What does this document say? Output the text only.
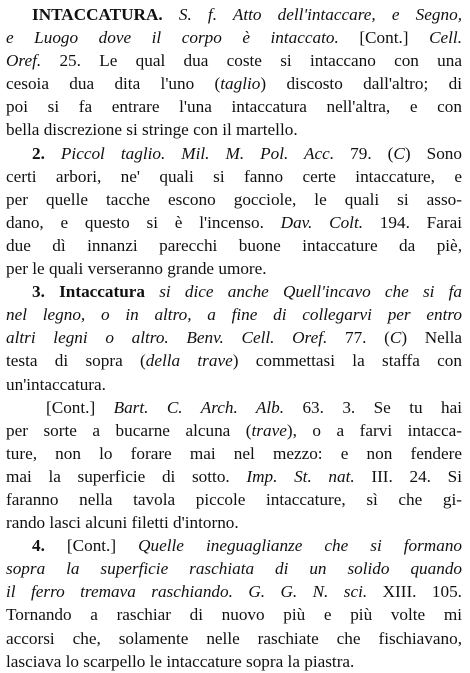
INTACCATURA. S. f. Atto dell'intaccare, e Segno,
e Luogo dove il corpo è intaccato. [Cont.] Cell.
Oref. 25. Le qual dua coste si intaccano con una
cesoia dua dita l'uno (taglio) discosto dall'altro; di
poi si fa entrare l'una intaccatura nell'altra, e con
bella discrezione si stringe con il martello.
2. Piccol taglio. Mil. M. Pol. Acc. 79. (C) Sono
certi arbori, ne' quali si fanno certe intaccature, e
per quelle tacche escono gocciole, le quali si asso-
dano, e questo si è l'incenso. Dav. Colt. 194. Farai
due dì innanzi parecchi buone intaccature da piè,
per le quali verseranno grande umore.
3. Intaccatura si dice anche Quell'incavo che si fa
nel legno, o in altro, a fine di collegarvi per entro
altri legni o altro. Benv. Cell. Oref. 77. (C) Nella
testa di sopra (della trave) commettasi la staffa con
un'intaccatura.
[Cont.] Bart. C. Arch. Alb. 63. 3. Se tu hai
per sorte a bucarne alcuna (trave), o a farvi intacca-
ture, non lo forare mai nel mezzo: e non fendere
mai la superficie di sotto. Imp. St. nat. III. 24. Si
faranno nella tavola piccole intaccature, sì che gi-
rando lasci alcuni filetti d'intorno.
4. [Cont.] Quelle ineguaglianze che si formano
sopra la superficie raschiata di un solido quando
il ferro tremava raschiando. G. G. N. sci. XIII. 105.
Tornando a raschiar di nuovo più e più volte mi
accorsi che, solamente nelle raschiate che fischiavano,
lasciava lo scarpello le intaccature sopra la piastra.
